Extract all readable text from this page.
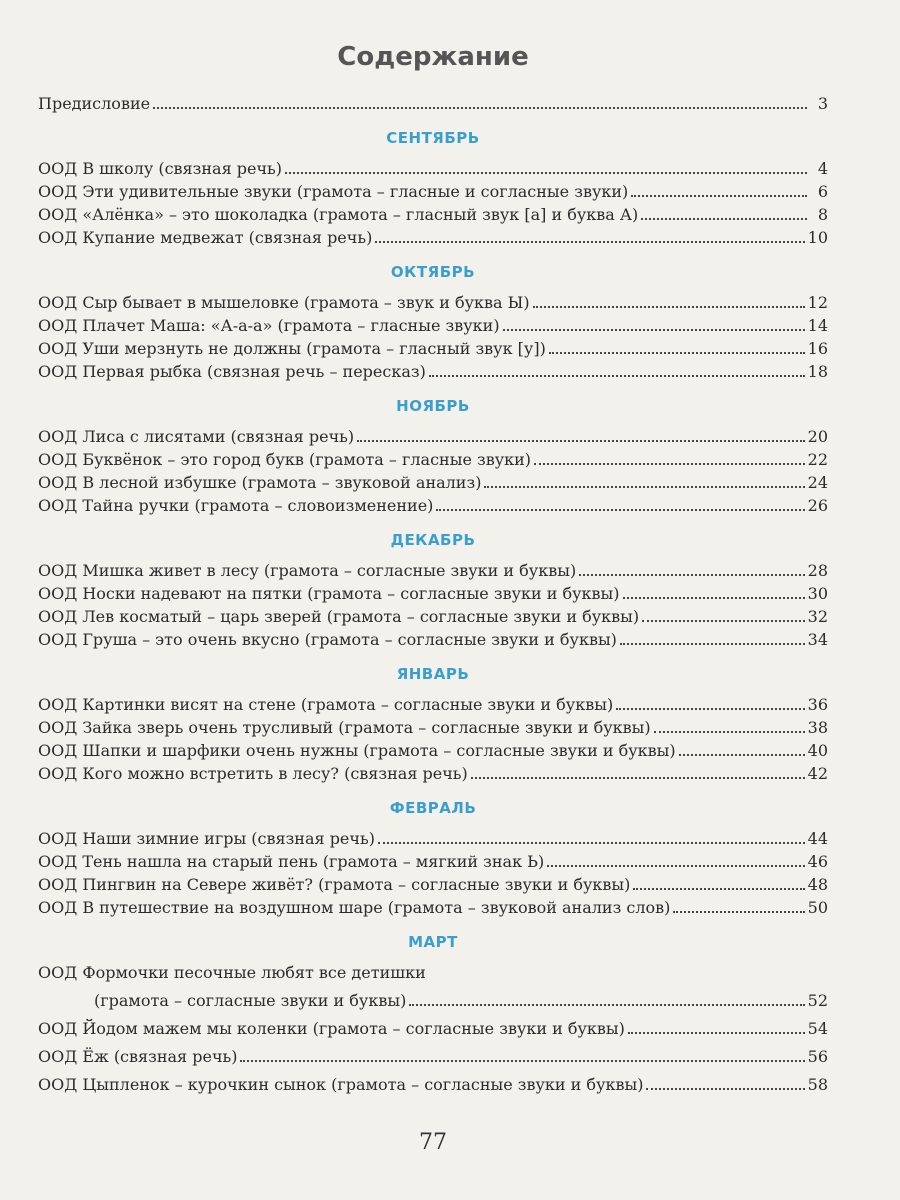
Содержание
Предисловие	3
СЕНТЯБРЬ
ООД В школу (связная речь)	4
ООД Эти удивительные звуки (грамота – гласные и согласные звуки)	6
ООД «Алёнка» – это шоколадка (грамота – гласный звук [а] и буква А)	8
ООД Купание медвежат (связная речь)	10
ОКТЯБРЬ
ООД Сыр бывает в мышеловке (грамота – звук и буква Ы)	12
ООД Плачет Маша: «А-а-а» (грамота – гласные звуки)	14
ООД Уши мерзнуть не должны (грамота – гласный звук [у])	16
ООД Первая рыбка (связная речь – пересказ)	18
НОЯБРЬ
ООД Лиса с лисятами (связная речь)	20
ООД Буквёнок – это город букв (грамота – гласные звуки)	22
ООД В лесной избушке (грамота – звуковой анализ)	24
ООД Тайна ручки (грамота – словоизменение)	26
ДЕКАБРЬ
ООД Мишка живет в лесу (грамота – согласные звуки и буквы)	28
ООД Носки надевают на пятки (грамота – согласные звуки и буквы)	30
ООД Лев косматый – царь зверей (грамота – согласные звуки и буквы)	32
ООД Груша – это очень вкусно (грамота – согласные звуки и буквы)	34
ЯНВАРЬ
ООД Картинки висят на стене (грамота – согласные звуки и буквы)	36
ООД Зайка зверь очень трусливый (грамота – согласные звуки и буквы)	38
ООД Шапки и шарфики очень нужны (грамота – согласные звуки и буквы)	40
ООД Кого можно встретить в лесу? (связная речь)	42
ФЕВРАЛЬ
ООД Наши зимние игры (связная речь)	44
ООД Тень нашла на старый пень (грамота – мягкий знак Ь)	46
ООД Пингвин на Севере живёт? (грамота – согласные звуки и буквы)	48
ООД В путешествие на воздушном шаре (грамота – звуковой анализ слов)	50
МАРТ
ООД Формочки песочные любят все детишки
(грамота – согласные звуки и буквы)	52
ООД Йодом мажем мы коленки (грамота – согласные звуки и буквы)	54
ООД Ёж (связная речь)	56
ООД Цыпленок – курочкин сынок (грамота – согласные звуки и буквы)	58
77
